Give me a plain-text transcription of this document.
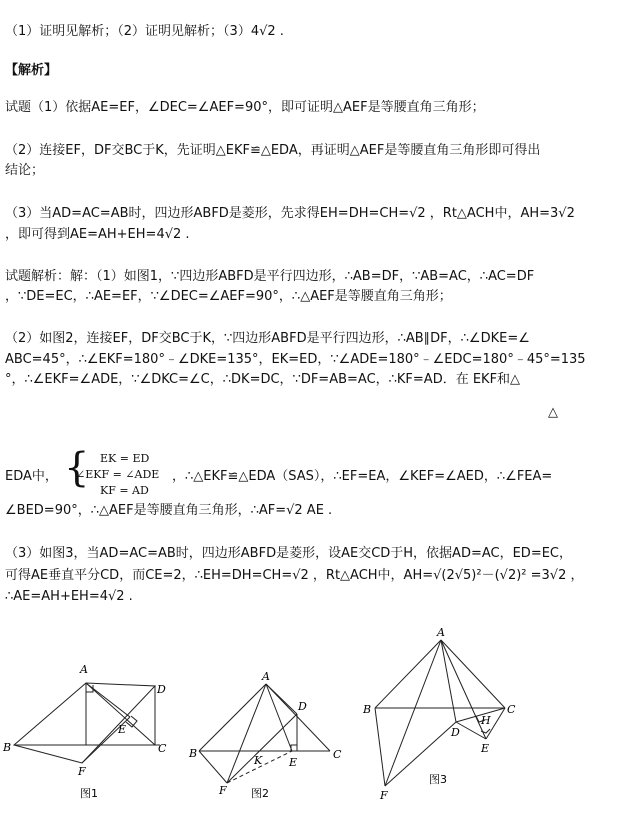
（1）证明见解析；（2）证明见解析；（3）4√2 .
【解析】
试题（1）依据AE=EF，∠DEC=∠AEF=90°，即可证明△AEF是等腰直角三角形；
（2）连接EF，DF交BC于K，先证明△EKF≌△EDA，再证明△AEF是等腰直角三角形即可得出
结论；
（3）当AD=AC=AB时，四边形ABFD是菱形，先求得EH=DH=CH=√2 ，Rt△ACH中，AH=3√2
，即可得到AE=AH+EH=4√2 .
试题解析：解：（1）如图1，∵四边形ABFD是平行四边形，∴AB=DF，∵AB=AC，∴AC=DF
，∵DE=EC，∴AE=EF，∵∠DEC=∠AEF=90°，∴△AEF是等腰直角三角形；
（2）如图2，连接EF，DF交BC于K，∵四边形ABFD是平行四边形，∴AB∥DF，∴∠DKE=∠
ABC=45°，∴∠EKF=180°﹣∠DKE=135°，EK=ED，∵∠ADE=180°﹣∠EDC=180°﹣45°=135
°，∴∠EKF=∠ADE，∵∠DKC=∠C，∴DK=DC，∵DF=AB=AC，∴KF=AD．在 EKF和△
△
EDA中， { EK = ED
∠EKF = ∠ADE
KF = AD
，∴△EKF≌△EDA（SAS），∴EF=EA，∠KEF=∠AED，∴∠FEA=
∠BED=90°，∴△AEF是等腰直角三角形，∴AF=√2 AE .
（3）如图3，当AD=AC=AB时，四边形ABFD是菱形，设AE交CD于H，依据AD=AC，ED=EC，
可得AE垂直平分CD，而CE=2，∴EH=DH=CH=√2 ，Rt△ACH中，AH=√(2√5)²－(√2)² =3√2 ，
∴AE=AH+EH=4√2 .
A
B	C
D
E
F
图1
A
B	C
D
E
F
K
图2
A
B	C
D
E
F
H
图3
